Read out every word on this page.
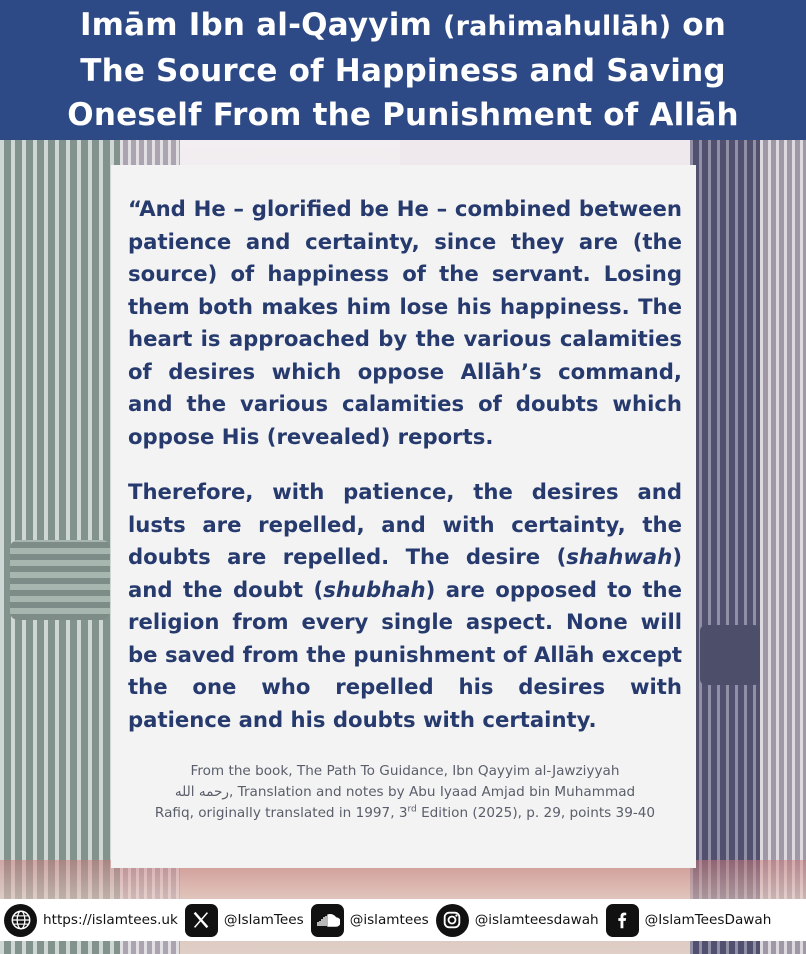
Imām Ibn al-Qayyim (rahimahullāh) on
The Source of Happiness and Saving
Oneself From the Punishment of Allāh

“And He – glorified be He – combined between patience and certainty, since they are (the source) of happiness of the servant. Losing them both makes him lose his happiness. The heart is approached by the various calamities of desires which oppose Allāh’s command, and the various calamities of doubts which oppose His (revealed) reports.

Therefore, with patience, the desires and lusts are repelled, and with certainty, the doubts are repelled. The desire (shahwah) and the doubt (shubhah) are opposed to the religion from every single aspect. None will be saved from the punishment of Allāh except the one who repelled his desires with patience and his doubts with certainty.

From the book, The Path To Guidance, Ibn Qayyim al-Jawziyyah
رحمه الله, Translation and notes by Abu Iyaad Amjad bin Muhammad
Rafiq, originally translated in 1997, 3rd Edition (2025), p. 29, points 39-40
https://islamtees.uk	@IslamTees	@islamtees	@islamteesdawah	@IslamTeesDawah
